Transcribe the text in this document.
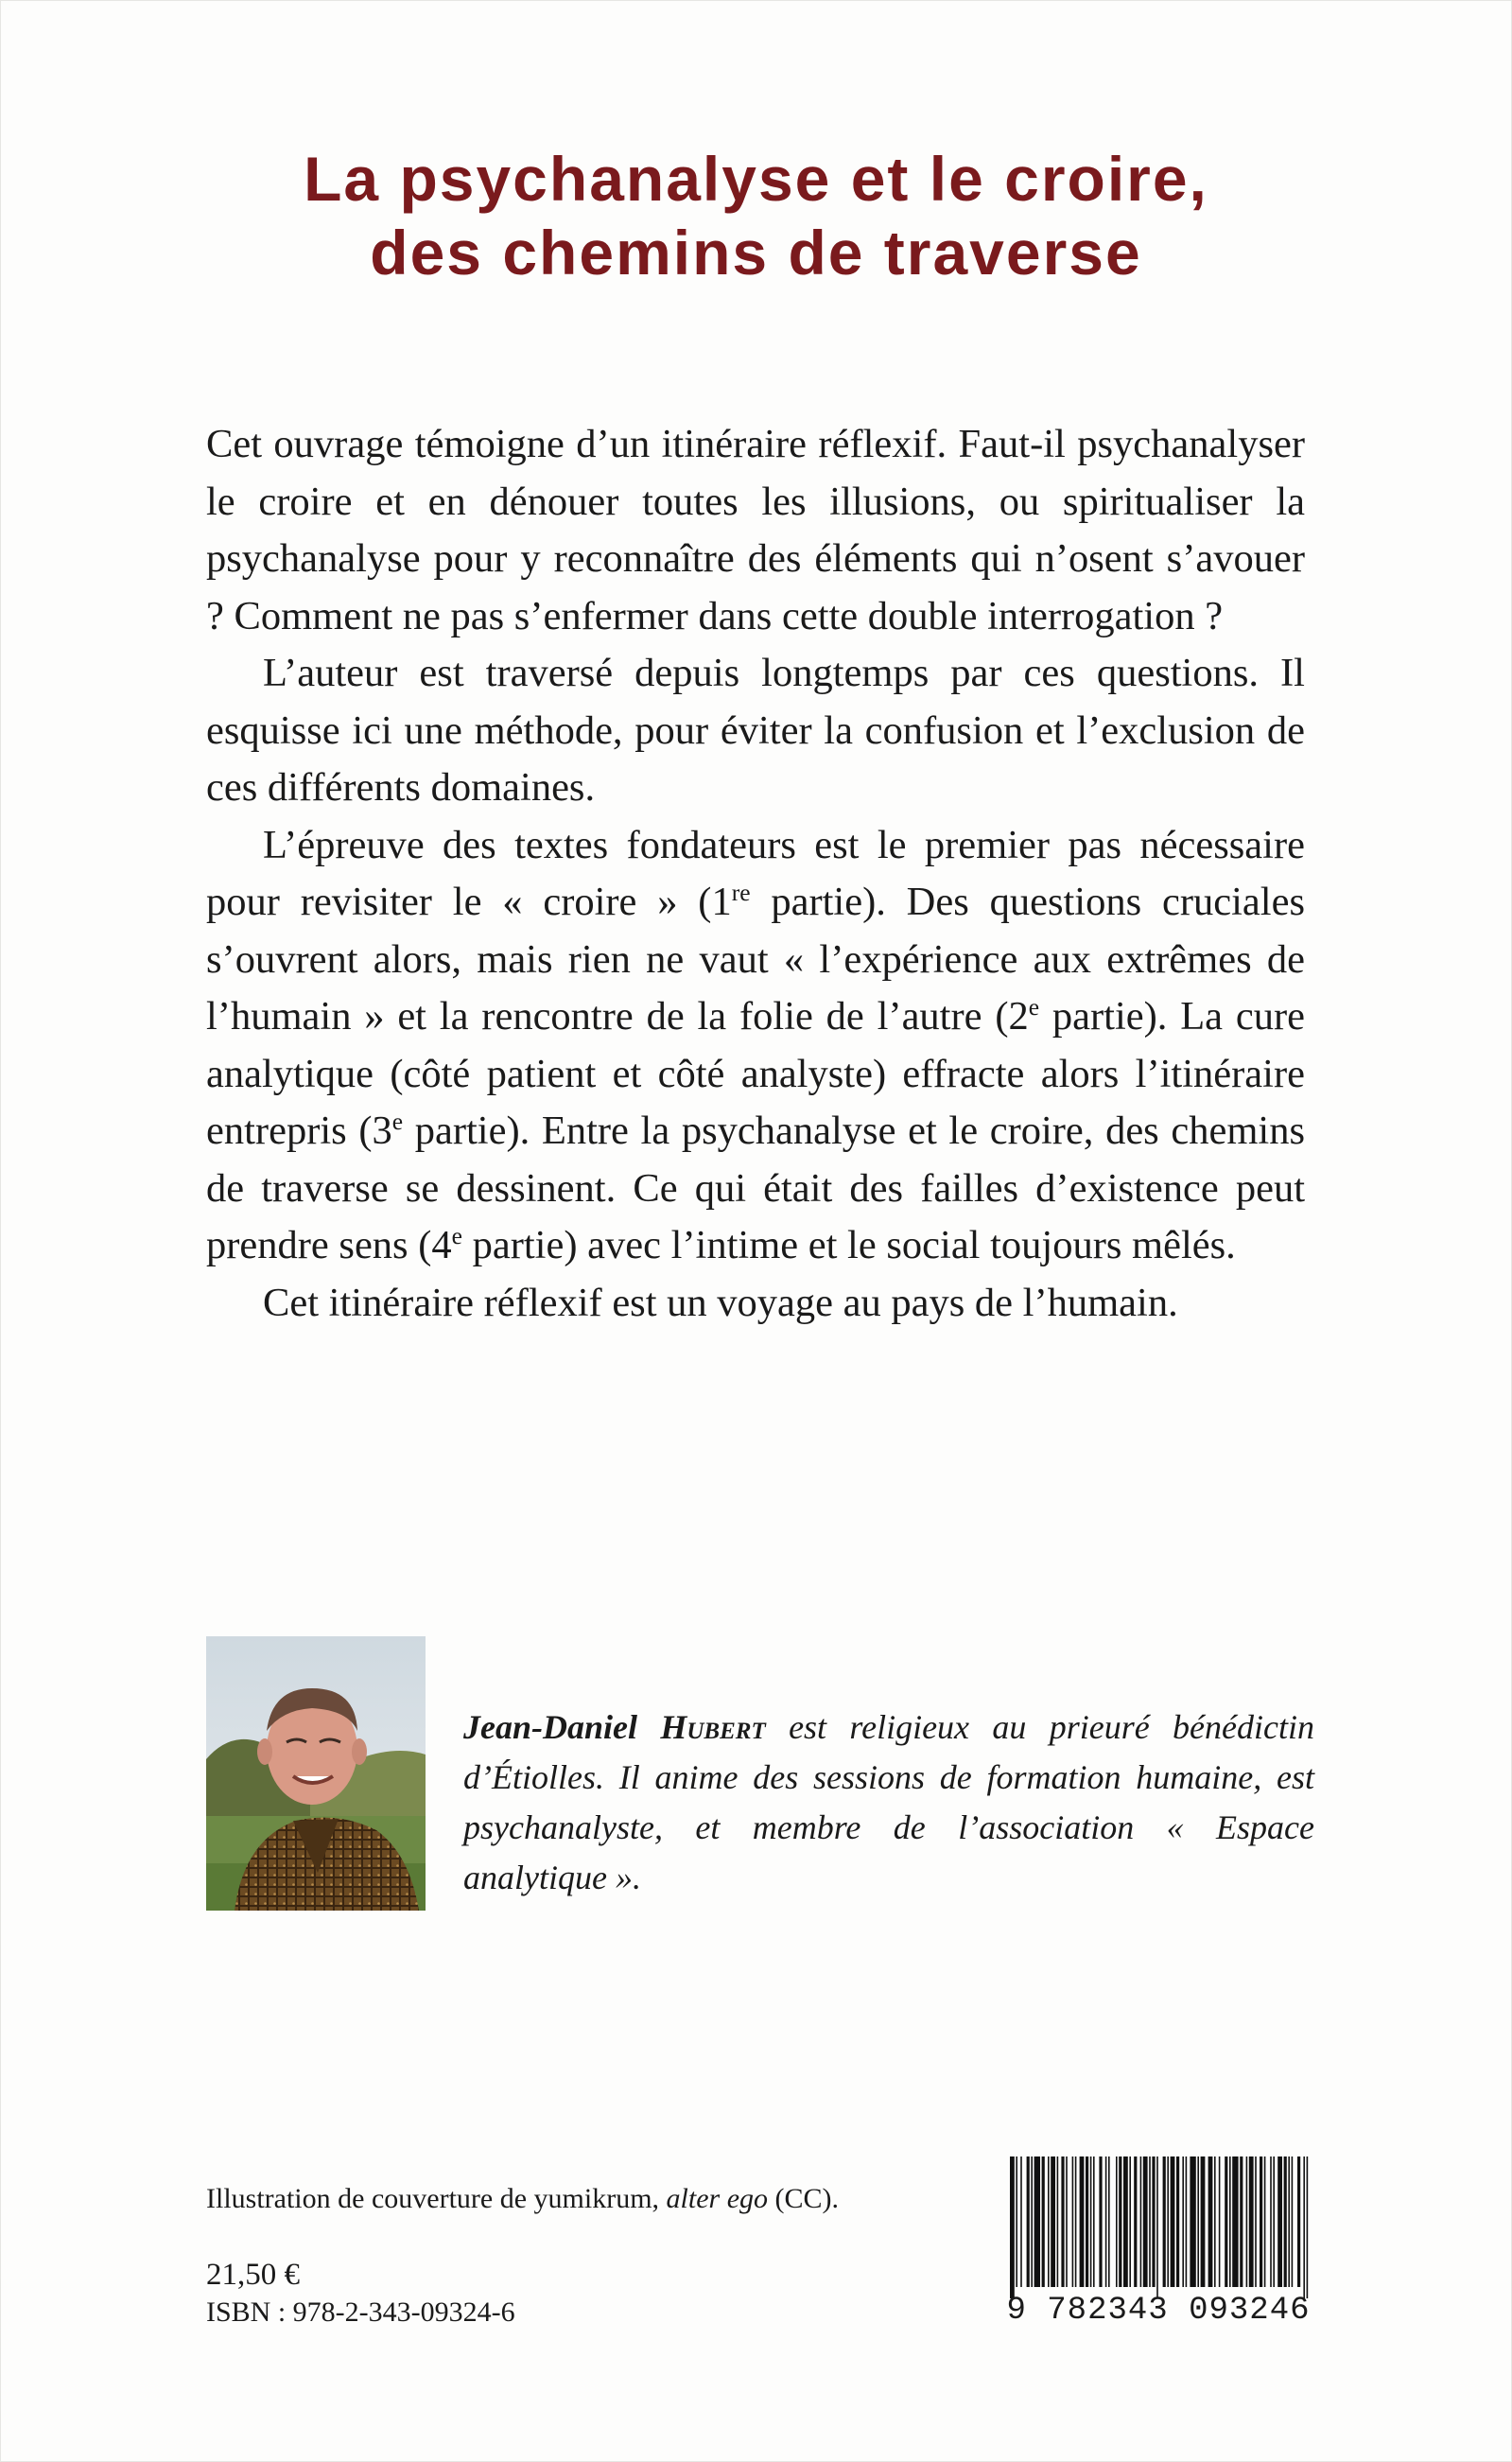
La psychanalyse et le croire,
des chemins de traverse

Cet ouvrage témoigne d’un itinéraire réflexif. Faut-il psychanalyser le croire et en dénouer toutes les illusions, ou spiritualiser la psychanalyse pour y reconnaître des éléments qui n’osent s’avouer ? Comment ne pas s’enfermer dans cette double interrogation ?

L’auteur est traversé depuis longtemps par ces questions. Il esquisse ici une méthode, pour éviter la confusion et l’exclusion de ces différents domaines.

L’épreuve des textes fondateurs est le premier pas nécessaire pour revisiter le « croire » (1re partie). Des questions cruciales s’ouvrent alors, mais rien ne vaut « l’expérience aux extrêmes de l’humain » et la rencontre de la folie de l’autre (2e partie). La cure analytique (côté patient et côté analyste) effracte alors l’itinéraire entrepris (3e partie). Entre la psychanalyse et le croire, des chemins de traverse se dessinent. Ce qui était des failles d’existence peut prendre sens (4e partie) avec l’intime et le social toujours mêlés.

Cet itinéraire réflexif est un voyage au pays de l’humain.

Jean-Daniel Hubert est religieux au prieuré bénédictin d’Étiolles. Il anime des sessions de formation humaine, est psychanalyste, et membre de l’association « Espace analytique ».
Illustration de couverture de yumikrum, alter ego (CC).
21,50 €
ISBN : 978-2-343-09324-6	9 782343 093246
